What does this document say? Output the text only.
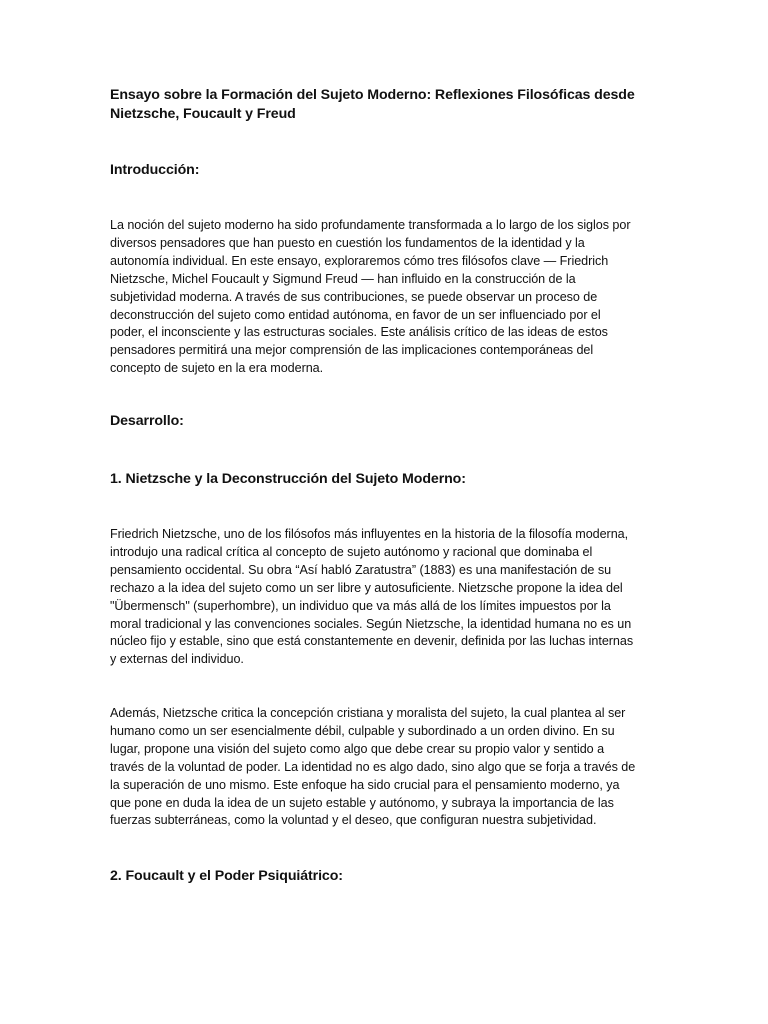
Ensayo sobre la Formación del Sujeto Moderno: Reflexiones Filosóficas desde
Nietzsche, Foucault y Freud
Introducción:
La noción del sujeto moderno ha sido profundamente transformada a lo largo de los siglos por
diversos pensadores que han puesto en cuestión los fundamentos de la identidad y la
autonomía individual. En este ensayo, exploraremos cómo tres filósofos clave — Friedrich
Nietzsche, Michel Foucault y Sigmund Freud — han influido en la construcción de la
subjetividad moderna. A través de sus contribuciones, se puede observar un proceso de
deconstrucción del sujeto como entidad autónoma, en favor de un ser influenciado por el
poder, el inconsciente y las estructuras sociales. Este análisis crítico de las ideas de estos
pensadores permitirá una mejor comprensión de las implicaciones contemporáneas del
concepto de sujeto en la era moderna.
Desarrollo:
1. Nietzsche y la Deconstrucción del Sujeto Moderno:
Friedrich Nietzsche, uno de los filósofos más influyentes en la historia de la filosofía moderna,
introdujo una radical crítica al concepto de sujeto autónomo y racional que dominaba el
pensamiento occidental. Su obra “Así habló Zaratustra” (1883) es una manifestación de su
rechazo a la idea del sujeto como un ser libre y autosuficiente. Nietzsche propone la idea del
"Übermensch" (superhombre), un individuo que va más allá de los límites impuestos por la
moral tradicional y las convenciones sociales. Según Nietzsche, la identidad humana no es un
núcleo fijo y estable, sino que está constantemente en devenir, definida por las luchas internas
y externas del individuo.
Además, Nietzsche critica la concepción cristiana y moralista del sujeto, la cual plantea al ser
humano como un ser esencialmente débil, culpable y subordinado a un orden divino. En su
lugar, propone una visión del sujeto como algo que debe crear su propio valor y sentido a
través de la voluntad de poder. La identidad no es algo dado, sino algo que se forja a través de
la superación de uno mismo. Este enfoque ha sido crucial para el pensamiento moderno, ya
que pone en duda la idea de un sujeto estable y autónomo, y subraya la importancia de las
fuerzas subterráneas, como la voluntad y el deseo, que configuran nuestra subjetividad.
2. Foucault y el Poder Psiquiátrico:
